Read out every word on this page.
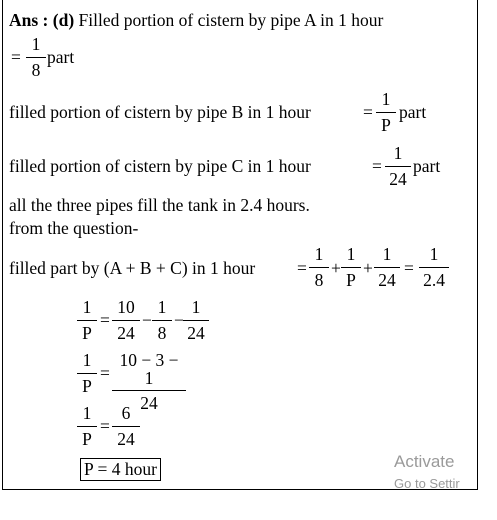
Ans : (d) Filled portion of cistern by pipe A in 1 hour
= $\frac{1}{8}$ part
filled portion of cistern by pipe B in 1 hour	= $\frac{1}{P}$ part
filled portion of cistern by pipe C in 1 hour	= $\frac{1}{24}$ part
all the three pipes fill the tank in 2.4 hours.
from the question-
filled part by (A + B + C) in 1 hour = $\frac{1}{8} + \frac{1}{P} + \frac{1}{24} = \frac{1}{2.4}$
$\frac{1}{P} = \frac{10}{24} - \frac{1}{8} - \frac{1}{24}$
$\frac{1}{P} = \frac{10 - 3 - 1}{24}$
$\frac{1}{P} = \frac{6}{24}$
P = 4 hour	Activate
Go to Settir
